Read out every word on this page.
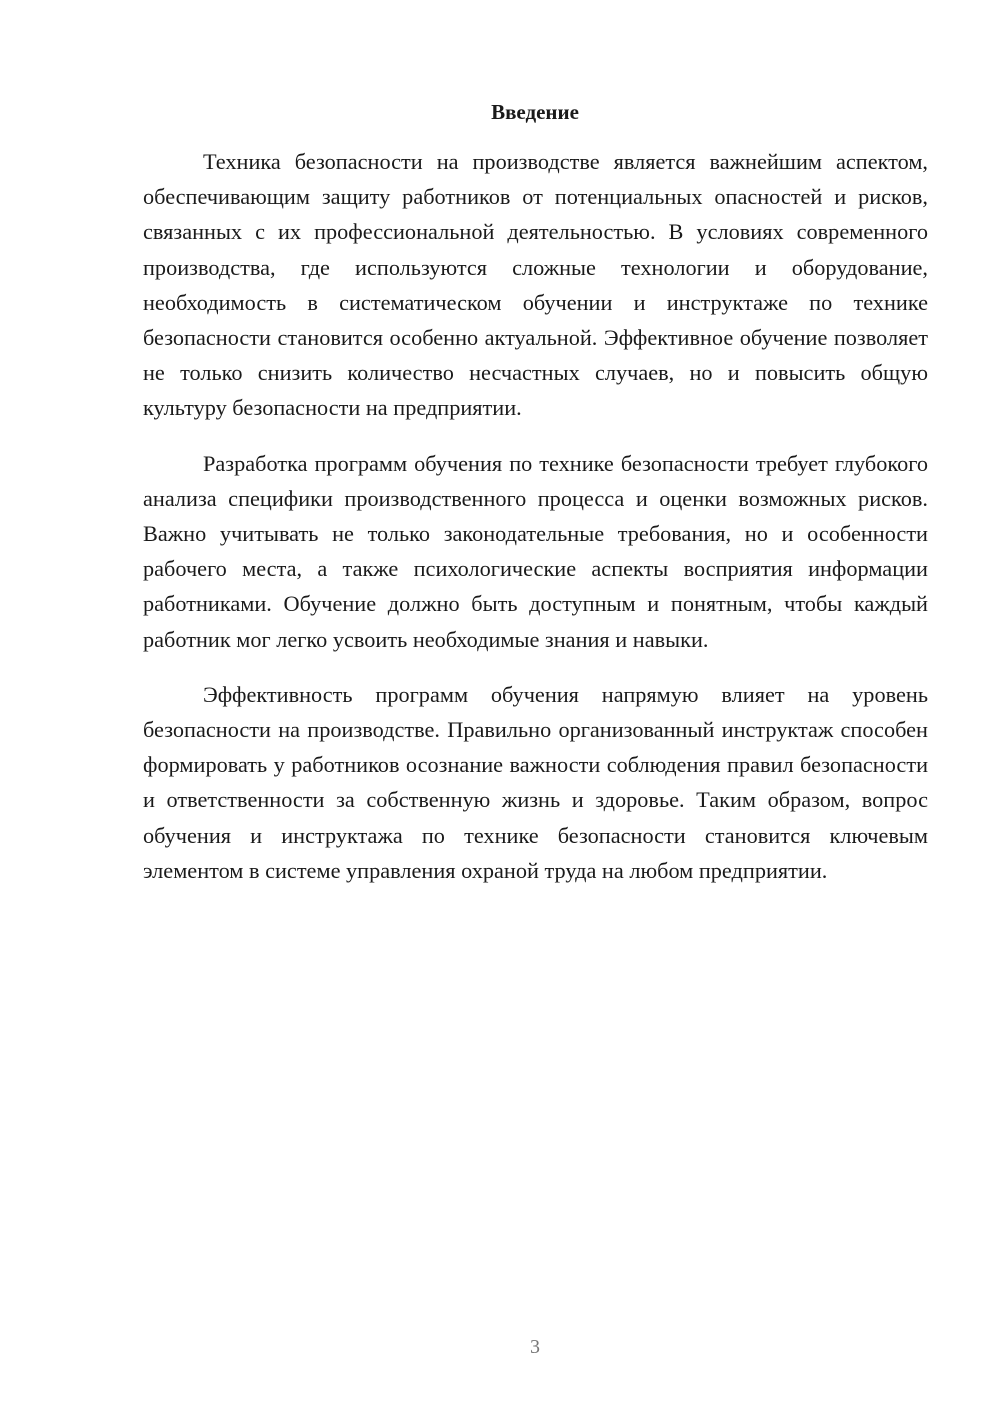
Введение

Техника безопасности на производстве является важнейшим аспектом, обеспечивающим защиту работников от потенциальных опасностей и рисков, связанных с их профессиональной деятельностью. В условиях современного производства, где используются сложные технологии и оборудование, необходимость в систематическом обучении и инструктаже по технике безопасности становится особенно актуальной. Эффективное обучение позволяет не только снизить количество несчастных случаев, но и повысить общую культуру безопасности на предприятии.

Разработка программ обучения по технике безопасности требует глубокого анализа специфики производственного процесса и оценки возможных рисков. Важно учитывать не только законодательные требования, но и особенности рабочего места, а также психологические аспекты восприятия информации работниками. Обучение должно быть доступным и понятным, чтобы каждый работник мог легко усвоить необходимые знания и навыки.

Эффективность программ обучения напрямую влияет на уровень безопасности на производстве. Правильно организованный инструктаж способен формировать у работников осознание важности соблюдения правил безопасности и ответственности за собственную жизнь и здоровье. Таким образом, вопрос обучения и инструктажа по технике безопасности становится ключевым элементом в системе управления охраной труда на любом предприятии.

3
